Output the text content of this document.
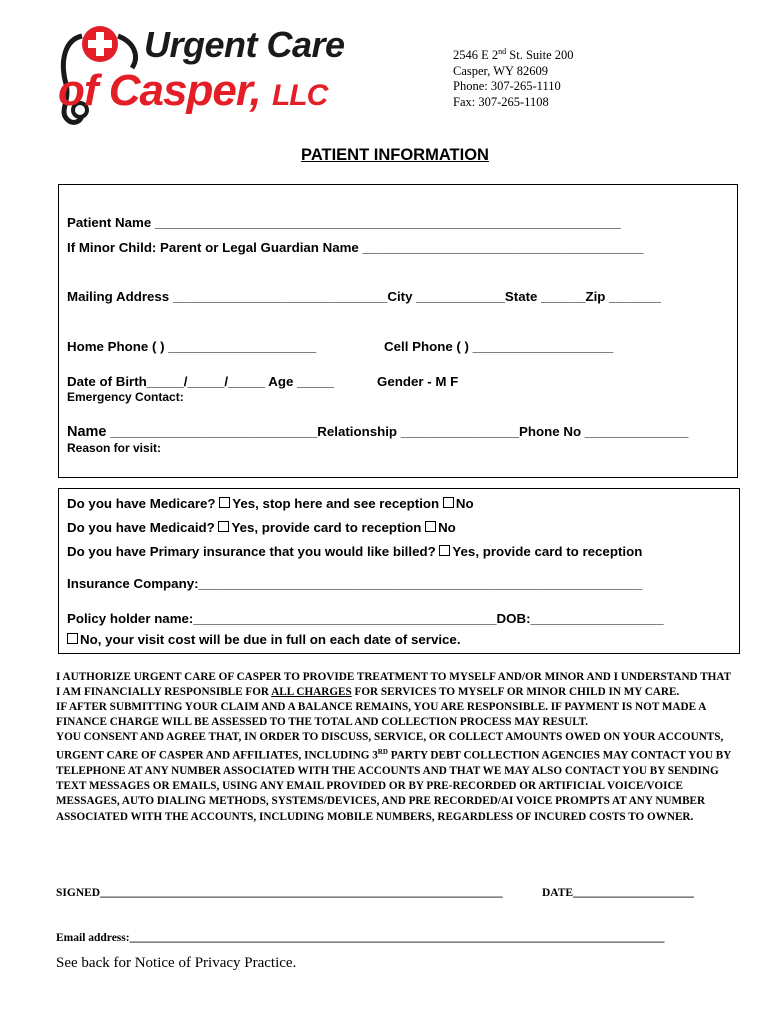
Urgent Care
of Casper, LLC
2546 E 2nd St. Suite 200
Casper, WY 82609
Phone: 307-265-1110
Fax: 307-265-1108
PATIENT INFORMATION
Patient Name _______________________________________________________________
If Minor Child: Parent or Legal Guardian Name ______________________________________
Mailing Address _____________________________City ____________State ______Zip _______
Home Phone ( ) ____________________	Cell Phone ( ) ___________________
Date of Birth_____/_____/_____ Age _____	Gender - M F
Emergency Contact:
Name ____________________________Relationship ________________Phone No ______________
Reason for visit:
Do you have Medicare? Yes, stop here and see reception No
Do you have Medicaid? Yes, provide card to reception No
Do you have Primary insurance that you would like billed? Yes, provide card to reception
Insurance Company:____________________________________________________________
Policy holder name:_________________________________________DOB:__________________
No, your visit cost will be due in full on each date of service.

I AUTHORIZE URGENT CARE OF CASPER TO PROVIDE TREATMENT TO MYSELF AND/OR MINOR AND I UNDERSTAND THAT I AM FINANCIALLY RESPONSIBLE FOR ALL CHARGES FOR SERVICES TO MYSELF OR MINOR CHILD IN MY CARE.

IF AFTER SUBMITTING YOUR CLAIM AND A BALANCE REMAINS, YOU ARE RESPONSIBLE. IF PAYMENT IS NOT MADE A FINANCE CHARGE WILL BE ASSESSED TO THE TOTAL AND COLLECTION PROCESS MAY RESULT.

YOU CONSENT AND AGREE THAT, IN ORDER TO DISCUSS, SERVICE, OR COLLECT AMOUNTS OWED ON YOUR ACCOUNTS, URGENT CARE OF CASPER AND AFFILIATES, INCLUDING 3RD PARTY DEBT COLLECTION AGENCIES MAY CONTACT YOU BY TELEPHONE AT ANY NUMBER ASSOCIATED WITH THE ACCOUNTS AND THAT WE MAY ALSO CONTACT YOU BY SENDING TEXT MESSAGES OR EMAILS, USING ANY EMAIL PROVIDED OR BY PRE-RECORDED OR ARTIFICIAL VOICE/VOICE MESSAGES, AUTO DIALING METHODS, SYSTEMS/DEVICES, AND PRE RECORDED/AI VOICE PROMPTS AT ANY NUMBER ASSOCIATED WITH THE ACCOUNTS, INCLUDING MOBILE NUMBERS, REGARDLESS OF INCURED COSTS TO OWNER.

SIGNED______________________________________________________________________	DATE_____________________
Email address:_____________________________________________________________________________________________
See back for Notice of Privacy Practice.
